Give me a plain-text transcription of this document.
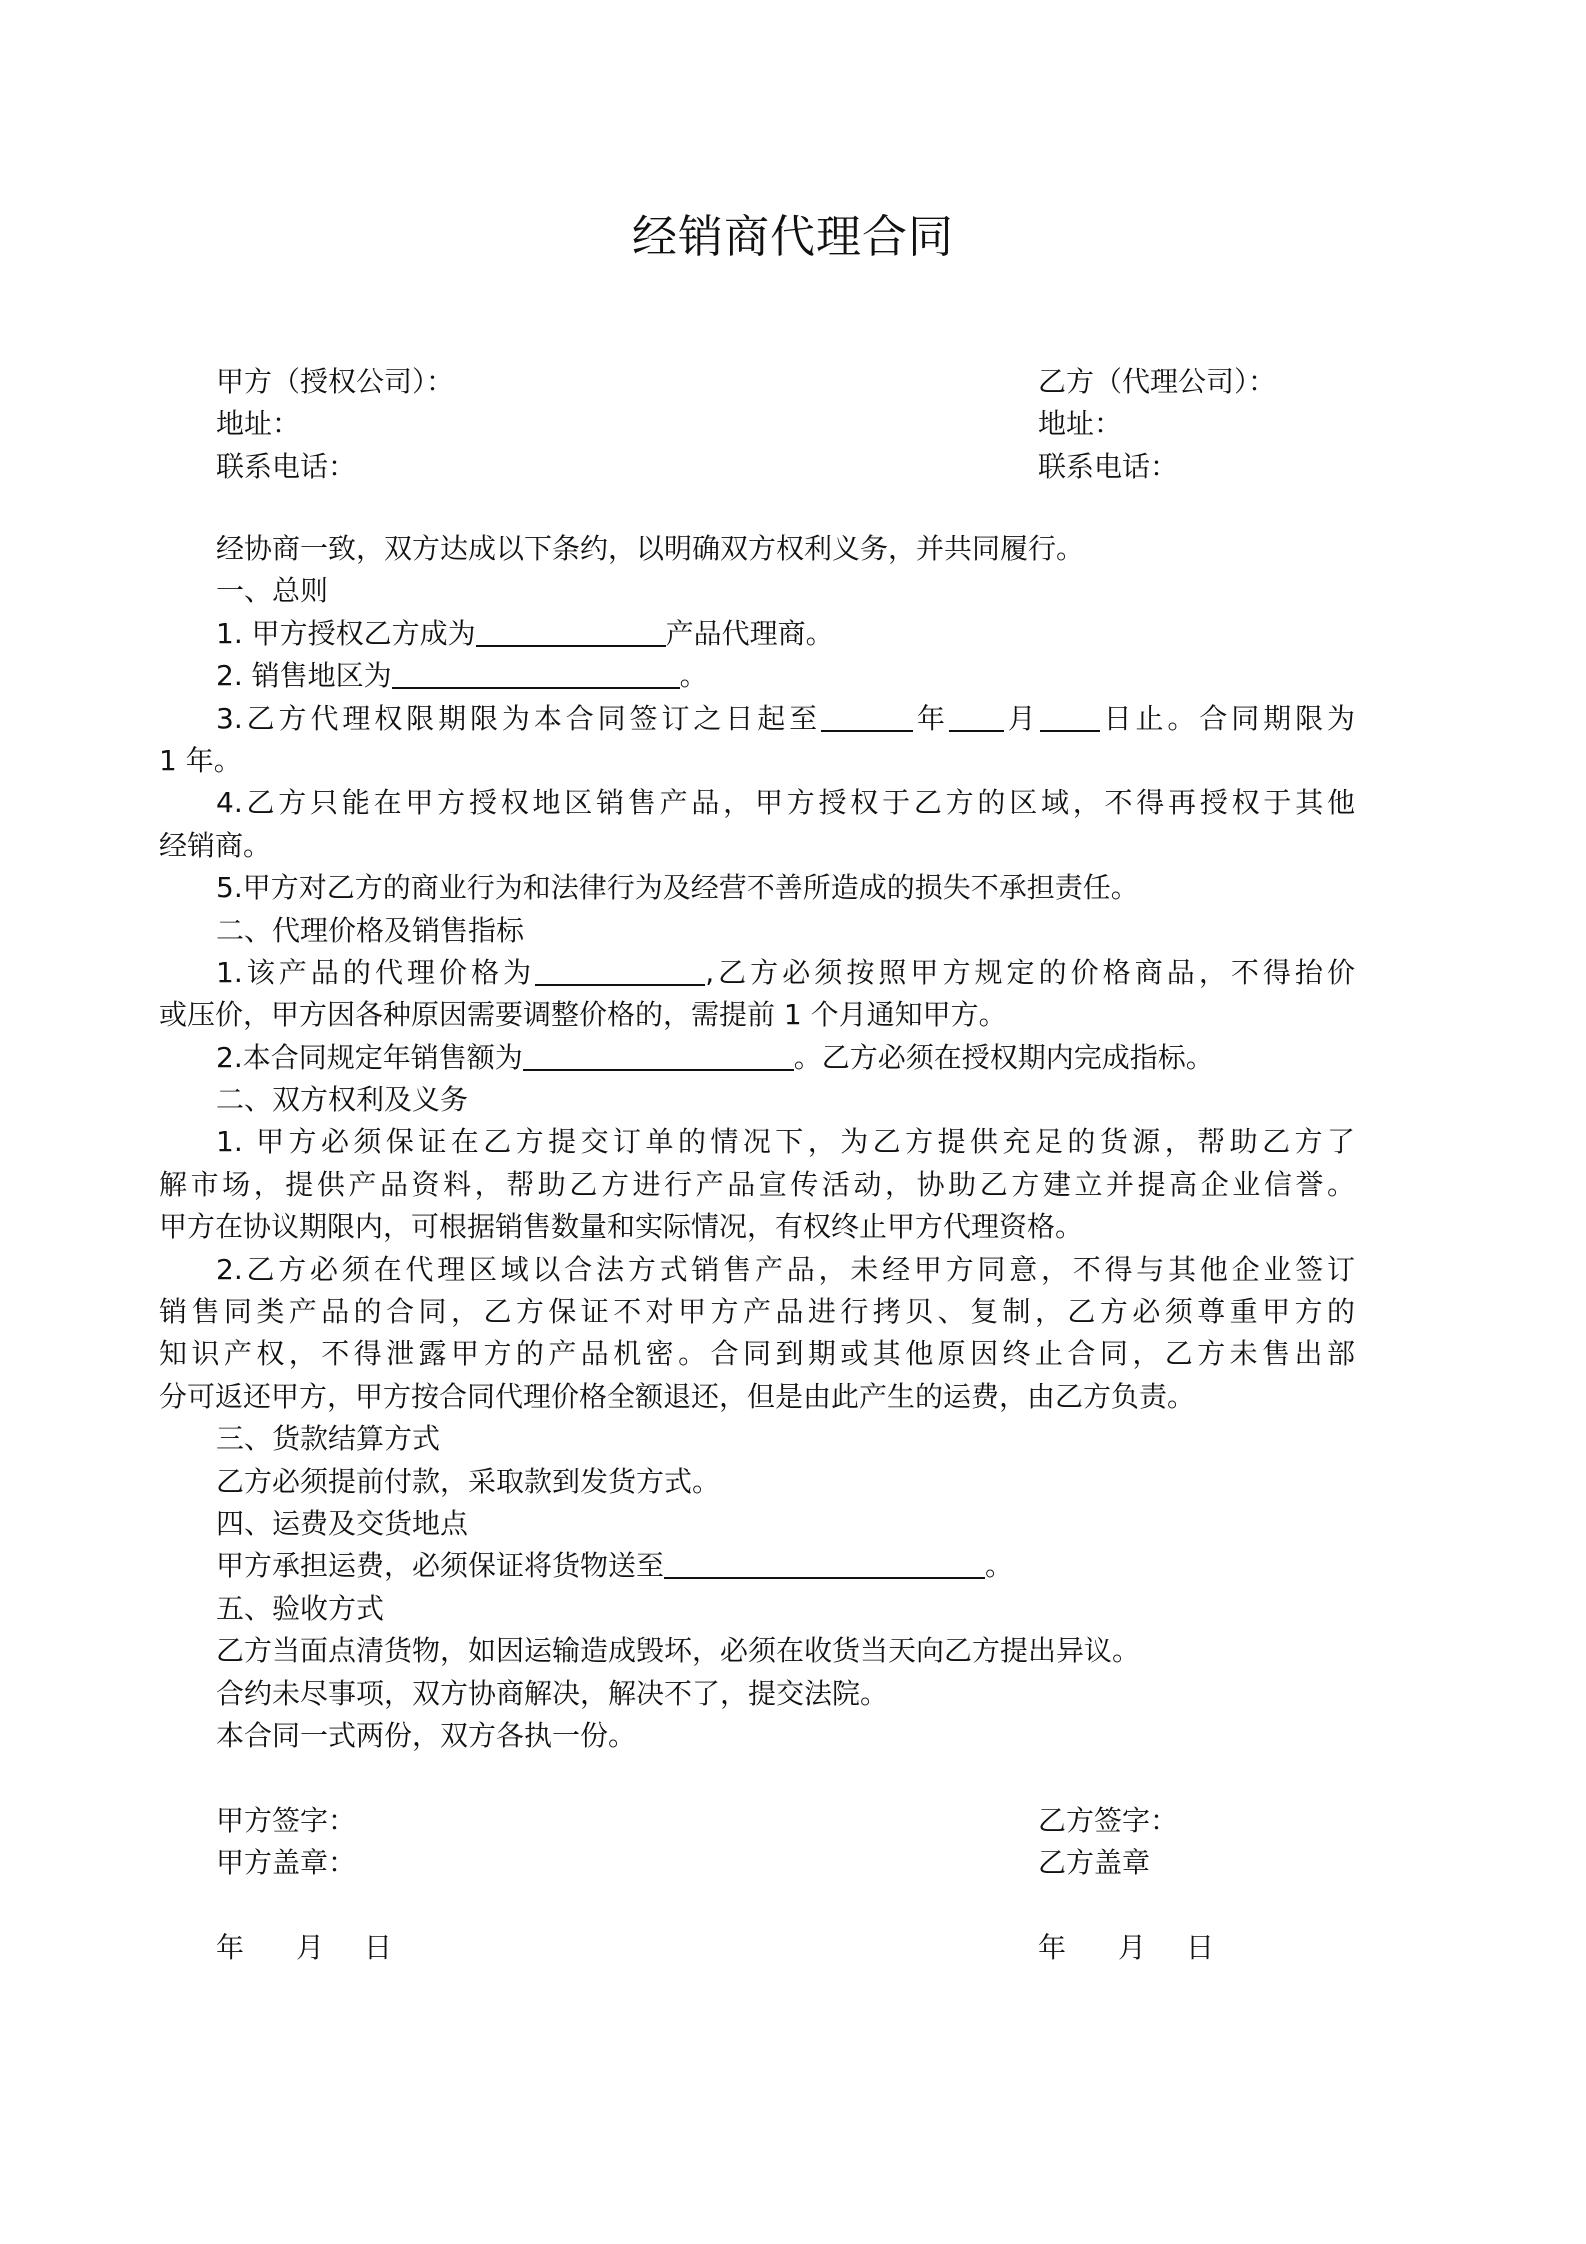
经销商代理合同
甲方（授权公司）：	乙方（代理公司）：
地址：	地址：
联系电话：	联系电话：
经协商一致，双方达成以下条约，以明确双方权利义务，并共同履行。
一、总则
1. 甲方授权乙方成为	产品代理商。
2. 销售地区为	。
3.乙方代理权限期限为本合同签订之日起至	年 月 日止。合同期限为
1 年。
4.乙方只能在甲方授权地区销售产品，甲方授权于乙方的区域，不得再授权于其他
经销商。
5.甲方对乙方的商业行为和法律行为及经营不善所造成的损失不承担责任。
二、代理价格及销售指标
1.该产品的代理价格为	,乙方必须按照甲方规定的价格商品，不得抬价
或压价，甲方因各种原因需要调整价格的，需提前 1 个月通知甲方。
2.本合同规定年销售额为	。乙方必须在授权期内完成指标。
二、双方权利及义务
1. 甲方必须保证在乙方提交订单的情况下，为乙方提供充足的货源，帮助乙方了
解市场，提供产品资料，帮助乙方进行产品宣传活动，协助乙方建立并提高企业信誉。
甲方在协议期限内，可根据销售数量和实际情况，有权终止甲方代理资格。
2.乙方必须在代理区域以合法方式销售产品，未经甲方同意，不得与其他企业签订
销售同类产品的合同，乙方保证不对甲方产品进行拷贝、复制，乙方必须尊重甲方的
知识产权，不得泄露甲方的产品机密。合同到期或其他原因终止合同，乙方未售出部
分可返还甲方，甲方按合同代理价格全额退还，但是由此产生的运费，由乙方负责。
三、货款结算方式
乙方必须提前付款，采取款到发货方式。
四、运费及交货地点
甲方承担运费，必须保证将货物送至	。
五、验收方式
乙方当面点清货物，如因运输造成毁坏，必须在收货当天向乙方提出异议。
合约未尽事项，双方协商解决，解决不了，提交法院。
本合同一式两份，双方各执一份。
甲方签字：	乙方签字：
甲方盖章：	乙方盖章
年 月 日	年 月 日
